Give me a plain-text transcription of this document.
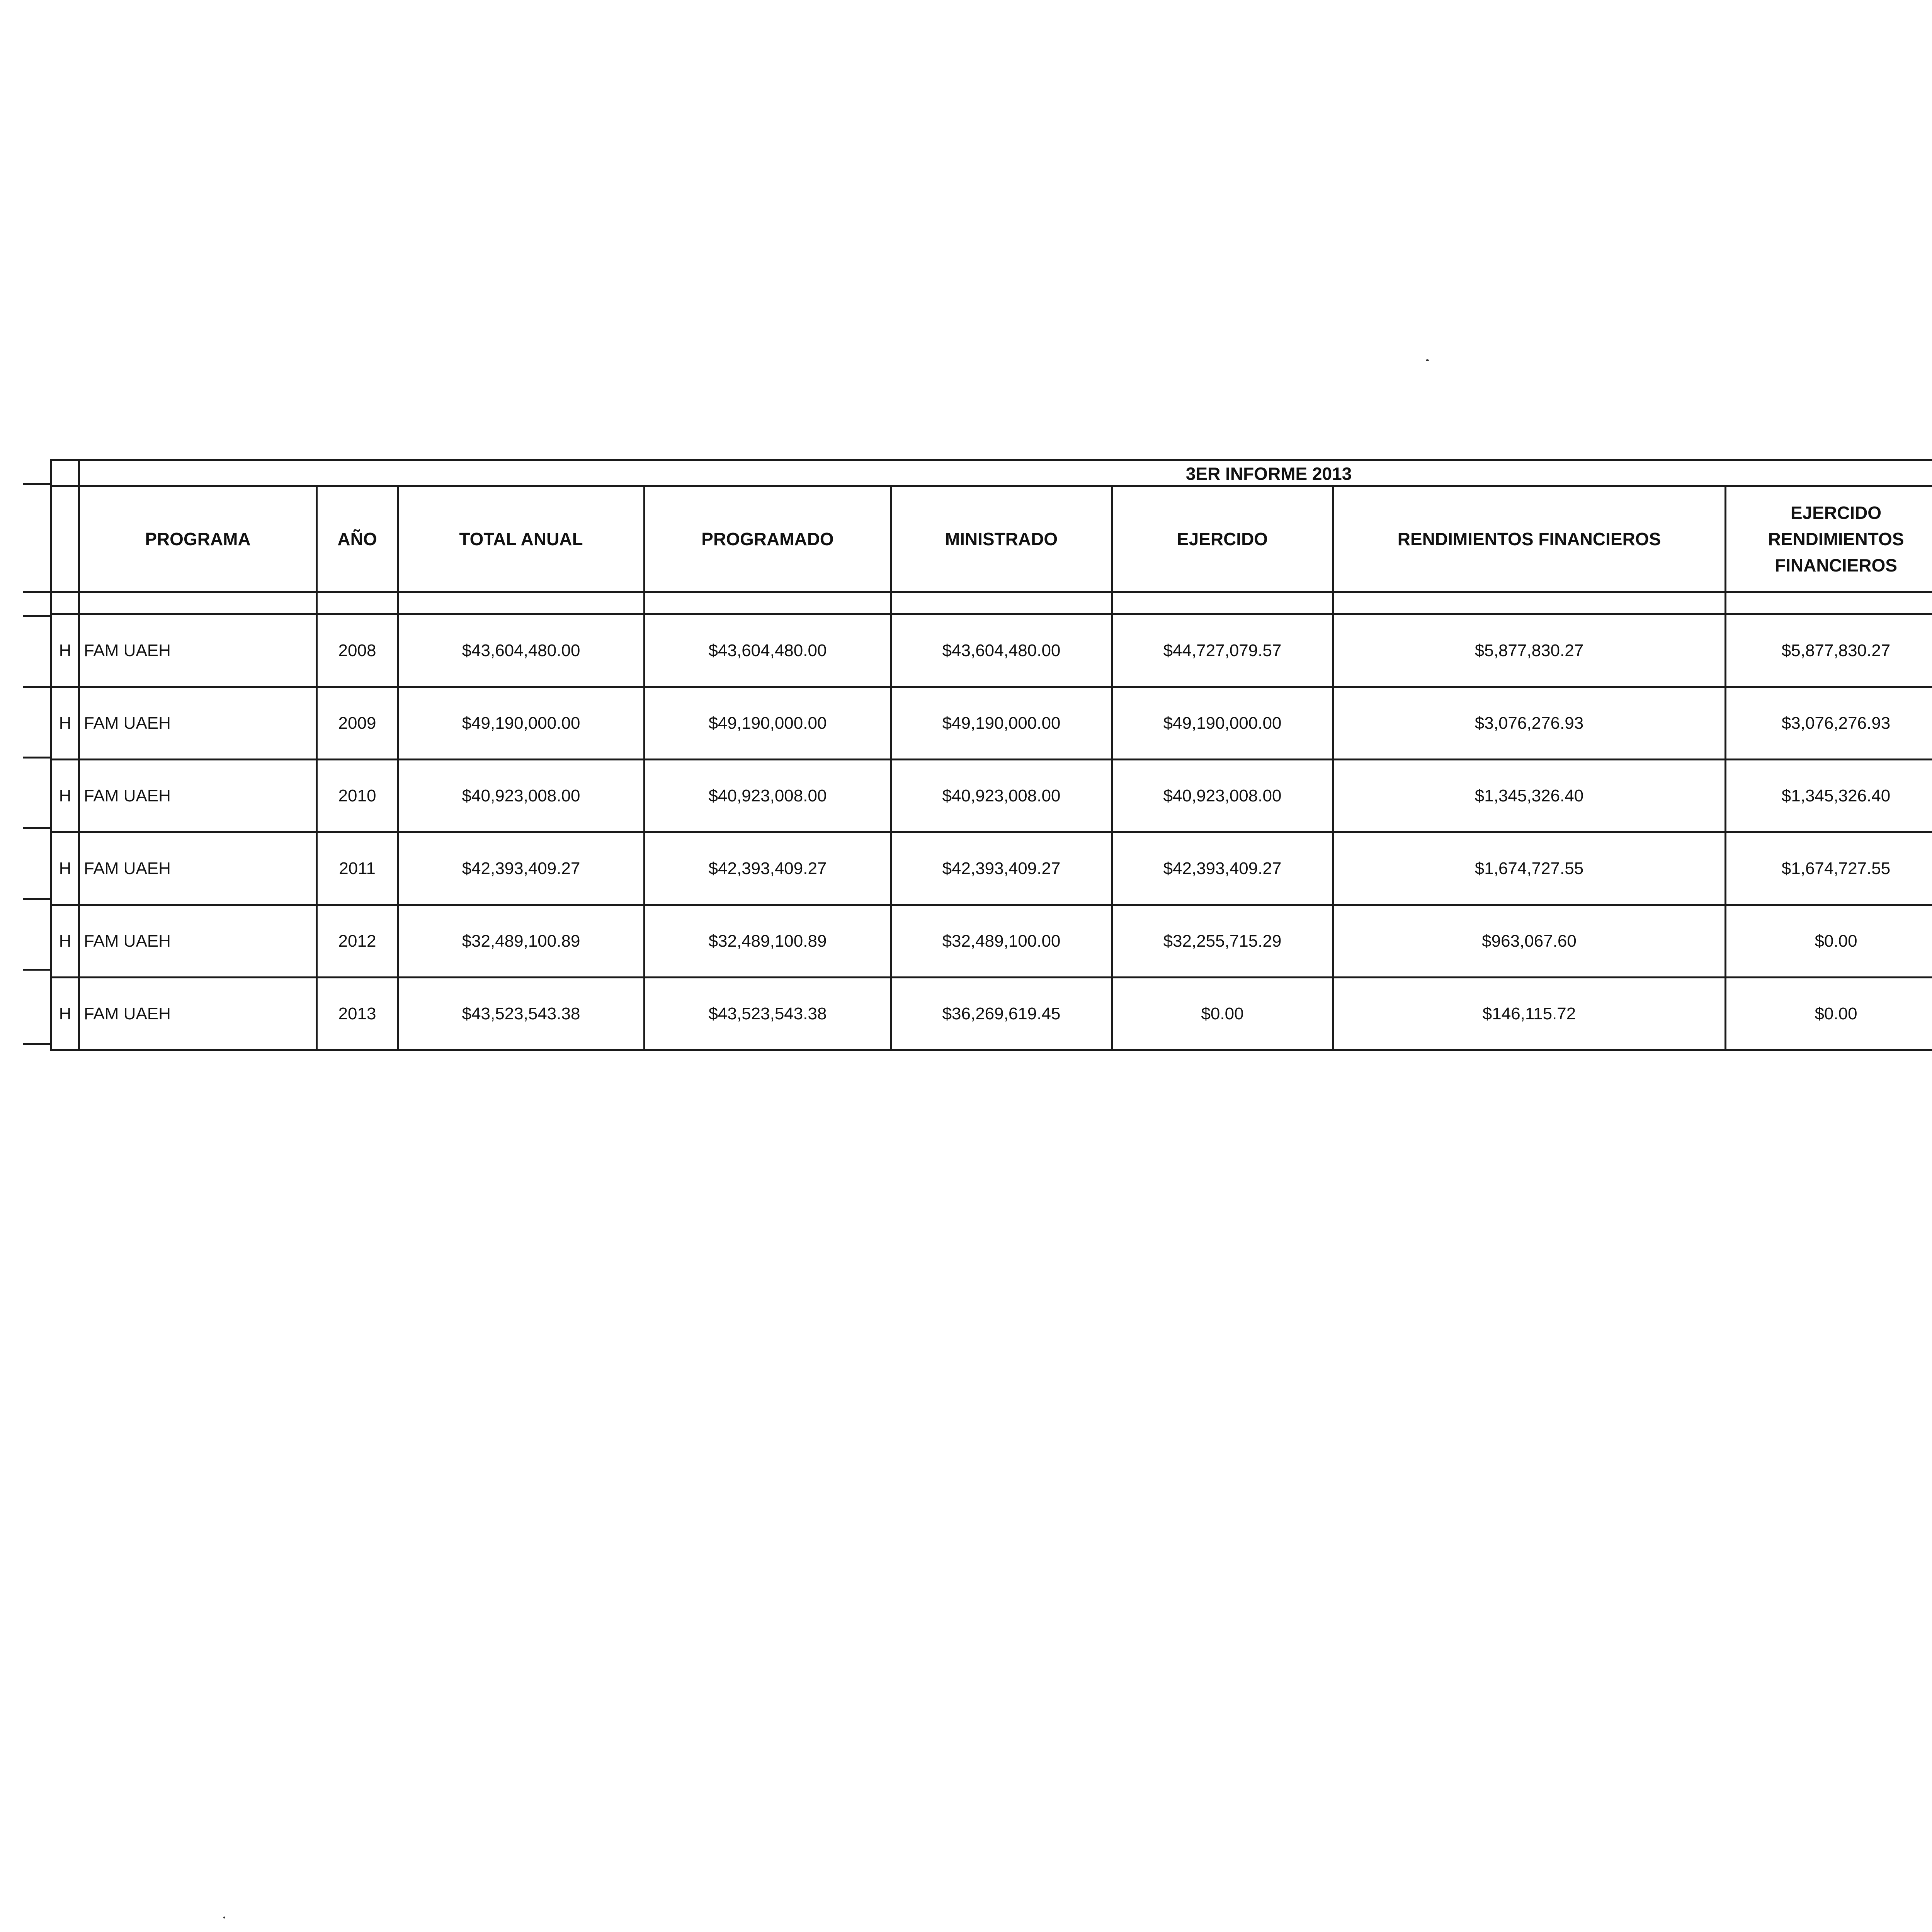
	3ER INFORME 2013									
	PROGRAMA	AÑO	TOTAL ANUAL	PROGRAMADO	MINISTRADO	EJERCIDO	RENDIMIENTOS FINANCIEROS	EJERCIDO RENDIMIENTOS FINANCIEROS		

H	FAM UAEH	2008	$43,604,480.00	$43,604,480.00	$43,604,480.00	$44,727,079.57	$5,877,830.27	$5,877,830.27		
H	FAM UAEH	2009	$49,190,000.00	$49,190,000.00	$49,190,000.00	$49,190,000.00	$3,076,276.93	$3,076,276.93		
H	FAM UAEH	2010	$40,923,008.00	$40,923,008.00	$40,923,008.00	$40,923,008.00	$1,345,326.40	$1,345,326.40		
H	FAM UAEH	2011	$42,393,409.27	$42,393,409.27	$42,393,409.27	$42,393,409.27	$1,674,727.55	$1,674,727.55		
H	FAM UAEH	2012	$32,489,100.89	$32,489,100.89	$32,489,100.00	$32,255,715.29	$963,067.60	$0.00		
H	FAM UAEH	2013	$43,523,543.38	$43,523,543.38	$36,269,619.45	$0.00	$146,115.72	$0.00		
